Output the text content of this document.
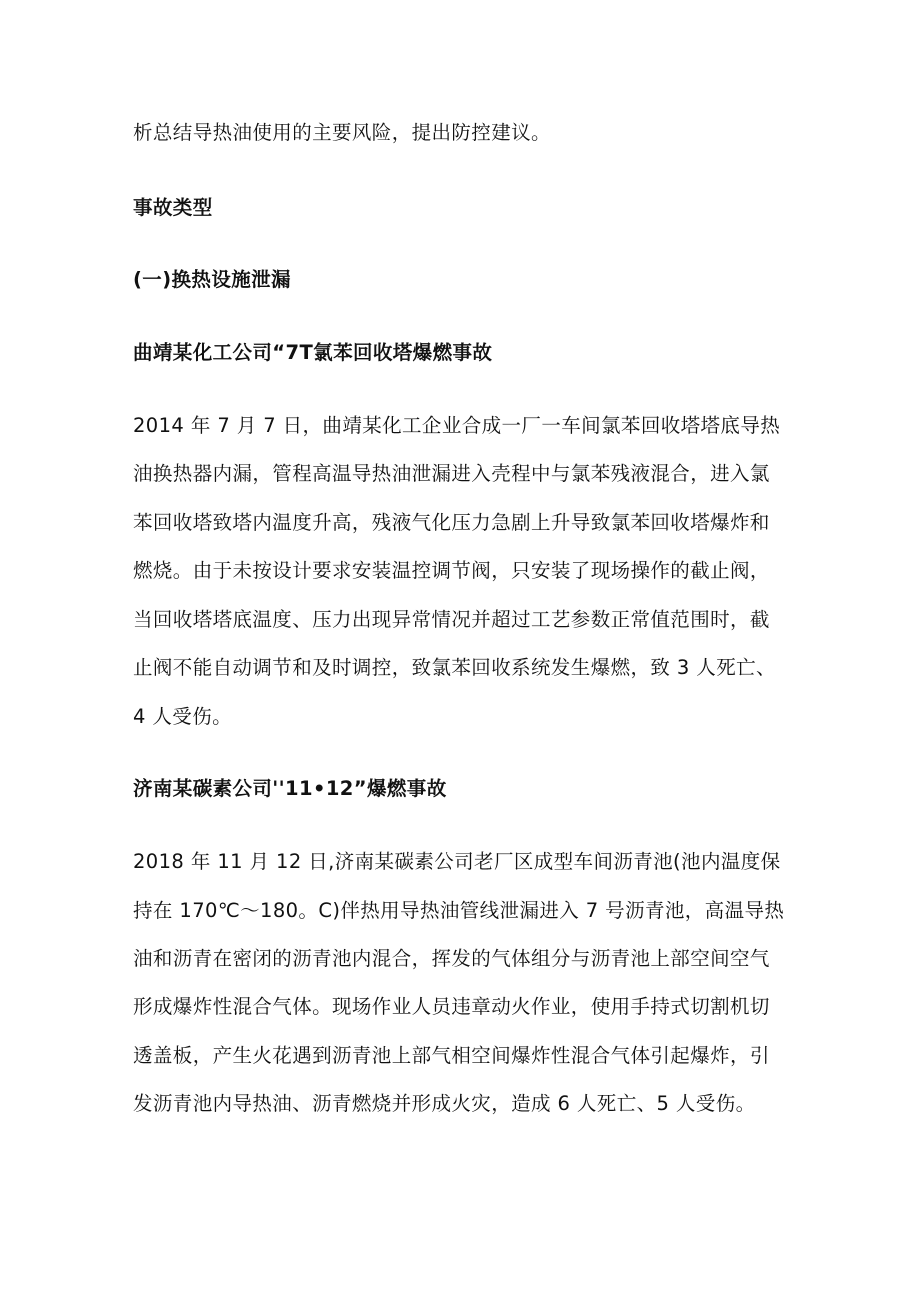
析总结导热油使用的主要风险，提出防控建议。
事故类型
(一)换热设施泄漏
曲靖某化工公司“7T氯苯回收塔爆燃事故
2014 年 7 月 7 日，曲靖某化工企业合成一厂一车间氯苯回收塔塔底导热
油换热器内漏，管程高温导热油泄漏进入壳程中与氯苯残液混合，进入氯
苯回收塔致塔内温度升高，残液气化压力急剧上升导致氯苯回收塔爆炸和
燃烧。由于未按设计要求安装温控调节阀，只安装了现场操作的截止阀，
当回收塔塔底温度、压力出现异常情况并超过工艺参数正常值范围时，截
止阀不能自动调节和及时调控，致氯苯回收系统发生爆燃，致 3 人死亡、
4 人受伤。
济南某碳素公司''11•12”爆燃事故
2018 年 11 月 12 日,济南某碳素公司老厂区成型车间沥青池(池内温度保
持在 170℃～180。C)伴热用导热油管线泄漏进入 7 号沥青池，高温导热
油和沥青在密闭的沥青池内混合，挥发的气体组分与沥青池上部空间空气
形成爆炸性混合气体。现场作业人员违章动火作业，使用手持式切割机切
透盖板，产生火花遇到沥青池上部气相空间爆炸性混合气体引起爆炸，引
发沥青池内导热油、沥青燃烧并形成火灾，造成 6 人死亡、5 人受伤。
